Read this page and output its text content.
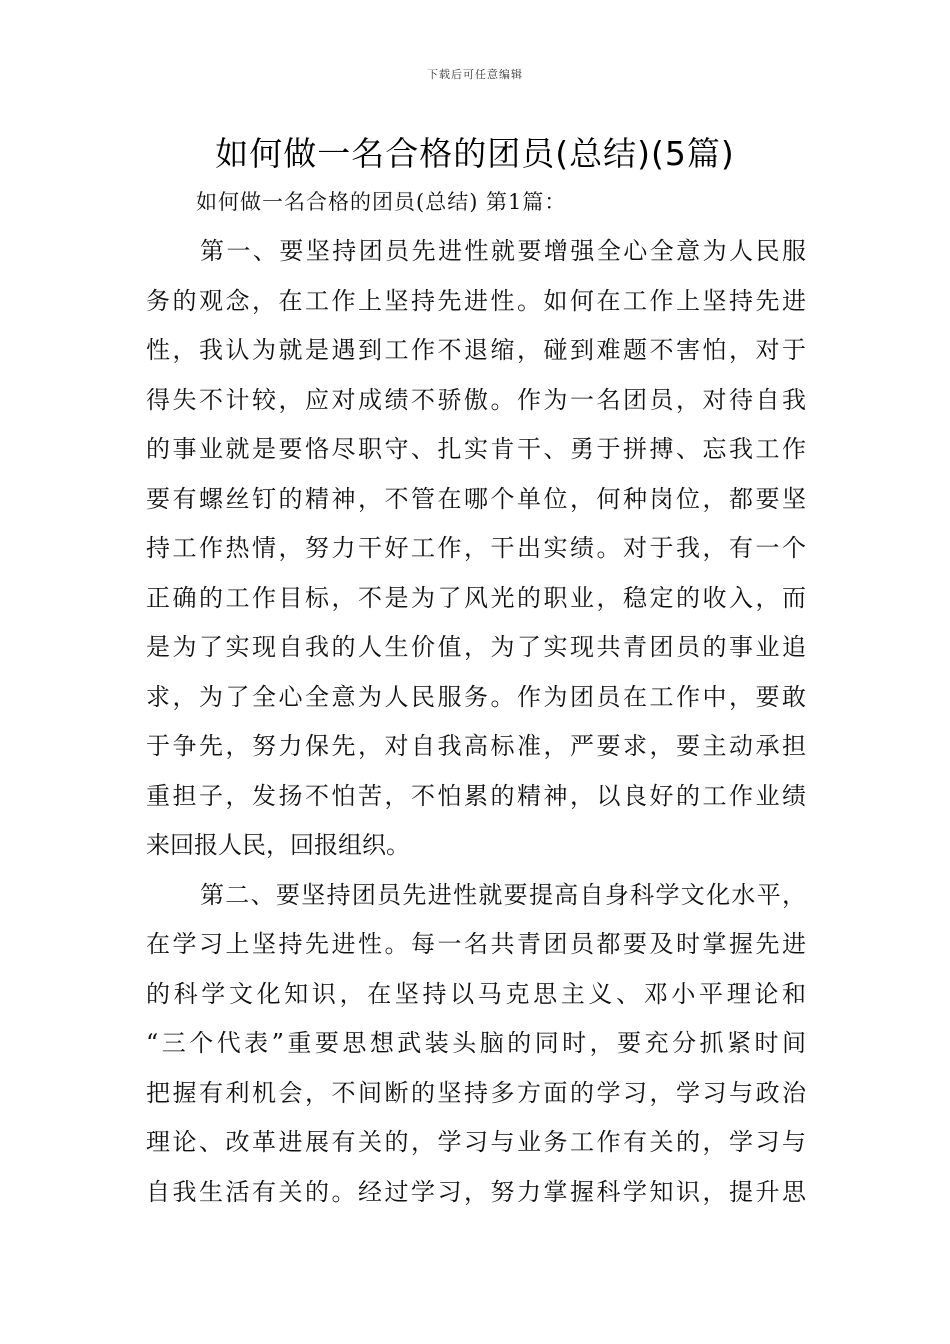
下载后可任意编辑
如何做一名合格的团员(总结)(5篇)
如何做一名合格的团员(总结) 第1篇：
第一、要坚持团员先进性就要增强全心全意为人民服
务的观念，在工作上坚持先进性。如何在工作上坚持先进
性，我认为就是遇到工作不退缩，碰到难题不害怕，对于
得失不计较，应对成绩不骄傲。作为一名团员，对待自我
的事业就是要恪尽职守、扎实肯干、勇于拼搏、忘我工作
要有螺丝钉的精神，不管在哪个单位，何种岗位，都要坚
持工作热情，努力干好工作，干出实绩。对于我，有一个
正确的工作目标，不是为了风光的职业，稳定的收入，而
是为了实现自我的人生价值，为了实现共青团员的事业追
求，为了全心全意为人民服务。作为团员在工作中，要敢
于争先，努力保先，对自我高标准，严要求，要主动承担
重担子，发扬不怕苦，不怕累的精神，以良好的工作业绩
来回报人民，回报组织。
第二、要坚持团员先进性就要提高自身科学文化水平，
在学习上坚持先进性。每一名共青团员都要及时掌握先进
的科学文化知识，在坚持以马克思主义、邓小平理论和
“三个代表”重要思想武装头脑的同时，要充分抓紧时间
把握有利机会，不间断的坚持多方面的学习，学习与政治
理论、改革进展有关的，学习与业务工作有关的，学习与
自我生活有关的。经过学习，努力掌握科学知识，提升思
